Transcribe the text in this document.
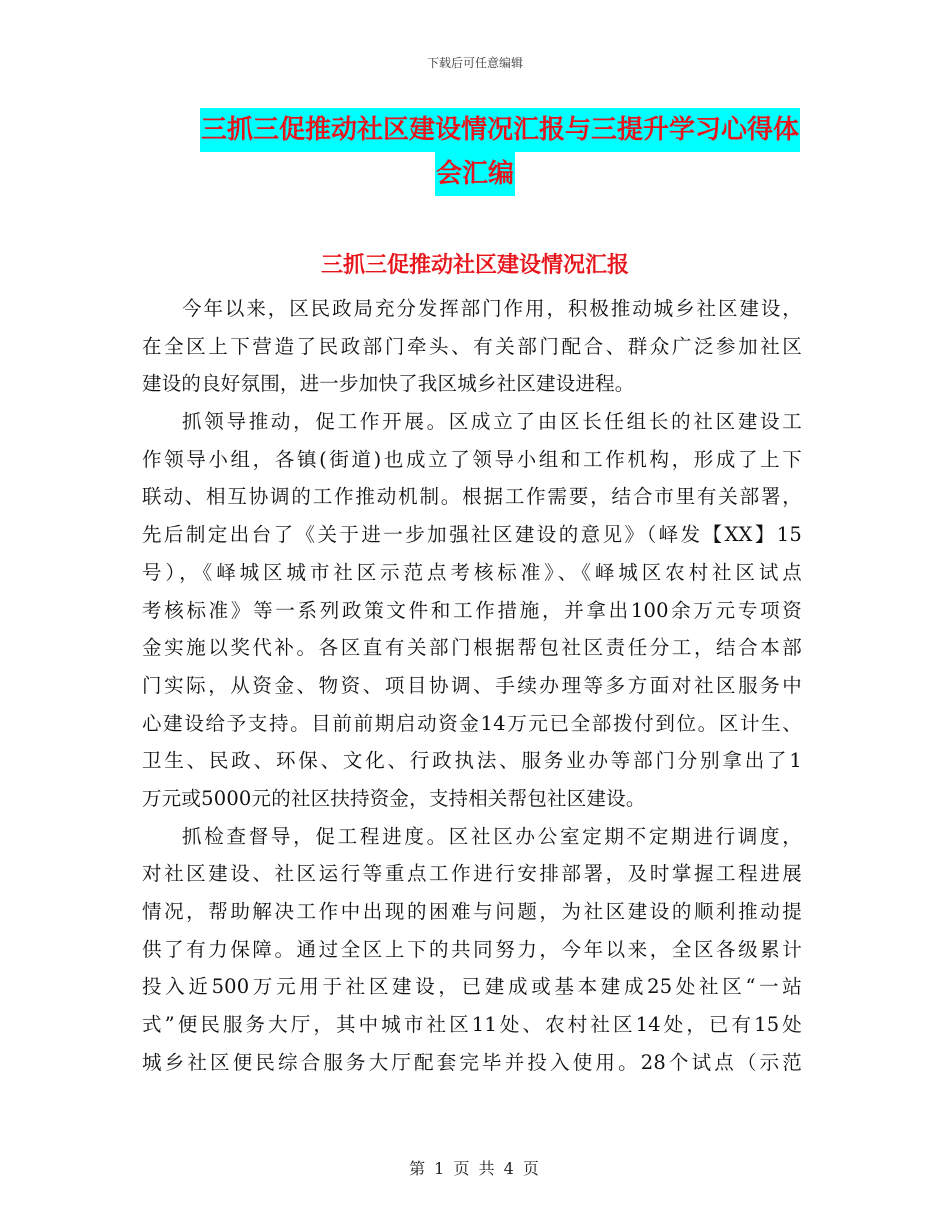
下载后可任意编辑
三抓三促推动社区建设情况汇报与三提升学习心得体
会汇编
三抓三促推动社区建设情况汇报

今年以来，区民政局充分发挥部门作用，积极推动城乡社区建设，
在全区上下营造了民政部门牵头、有关部门配合、群众广泛参加社区
建设的良好氛围，进一步加快了我区城乡社区建设进程。

抓领导推动，促工作开展。区成立了由区长任组长的社区建设工
作领导小组，各镇(街道)也成立了领导小组和工作机构，形成了上下
联动、相互协调的工作推动机制。根据工作需要，结合市里有关部署，
先后制定出台了《关于进一步加强社区建设的意见》（峄发【XX】15
号），《峄城区城市社区示范点考核标准》、《峄城区农村社区试点
考核标准》等一系列政策文件和工作措施，并拿出100余万元专项资
金实施以奖代补。各区直有关部门根据帮包社区责任分工，结合本部
门实际，从资金、物资、项目协调、手续办理等多方面对社区服务中
心建设给予支持。目前前期启动资金14万元已全部拨付到位。区计生、
卫生、民政、环保、文化、行政执法、服务业办等部门分别拿出了1
万元或5000元的社区扶持资金，支持相关帮包社区建设。

抓检查督导，促工程进度。区社区办公室定期不定期进行调度，
对社区建设、社区运行等重点工作进行安排部署，及时掌握工程进展
情况，帮助解决工作中出现的困难与问题，为社区建设的顺利推动提
供了有力保障。通过全区上下的共同努力，今年以来，全区各级累计
投入近500万元用于社区建设，已建成或基本建成25处社区“一站
式”便民服务大厅，其中城市社区11处、农村社区14处，已有15处
城乡社区便民综合服务大厅配套完毕并投入使用。28个试点（示范

第 1 页 共 4 页
